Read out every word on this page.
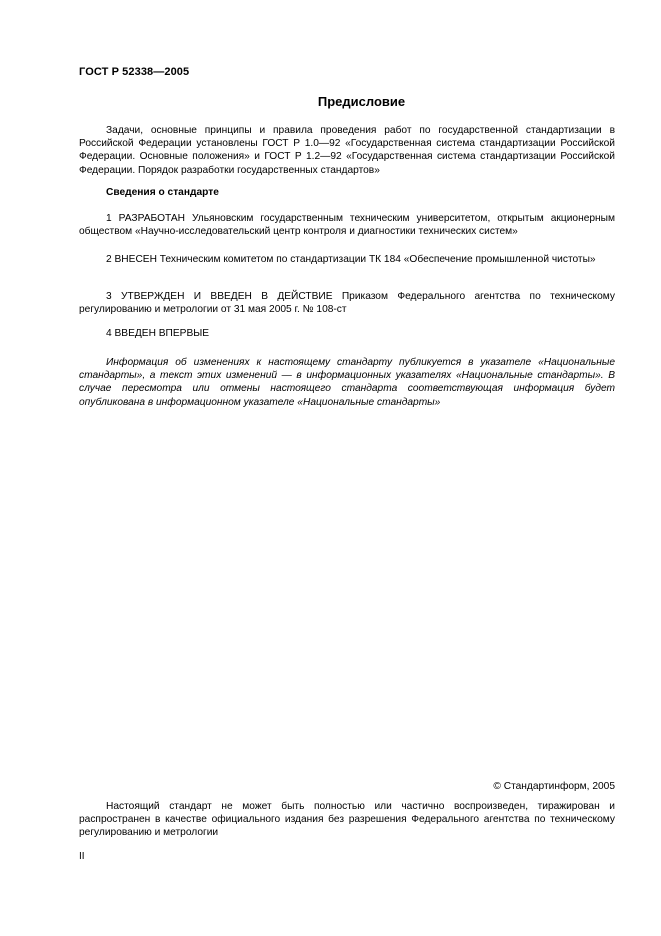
ГОСТ Р 52338—2005
Предисловие
Задачи, основные принципы и правила проведения работ по государственной стандартизации в Российской Федерации установлены ГОСТ Р 1.0—92 «Государственная система стандартизации Российской Федерации. Основные положения» и ГОСТ Р 1.2—92 «Государственная система стандартизации Российской Федерации. Порядок разработки государственных стандартов»
Сведения о стандарте
1 РАЗРАБОТАН Ульяновским государственным техническим университетом, открытым акционерным обществом «Научно-исследовательский центр контроля и диагностики технических систем»
2 ВНЕСЕН Техническим комитетом по стандартизации ТК 184 «Обеспечение промышленной чистоты»
3 УТВЕРЖДЕН И ВВЕДЕН В ДЕЙСТВИЕ Приказом Федерального агентства по техническому регулированию и метрологии от 31 мая 2005 г. № 108-ст
4 ВВЕДЕН ВПЕРВЫЕ
Информация об изменениях к настоящему стандарту публикуется в указателе «Национальные стандарты», а текст этих изменений — в информационных указателях «Национальные стандарты». В случае пересмотра или отмены настоящего стандарта соответствующая информация будет опубликована в информационном указателе «Национальные стандарты»
© Стандартинформ, 2005
Настоящий стандарт не может быть полностью или частично воспроизведен, тиражирован и распространен в качестве официального издания без разрешения Федерального агентства по техническому регулированию и метрологии
II
